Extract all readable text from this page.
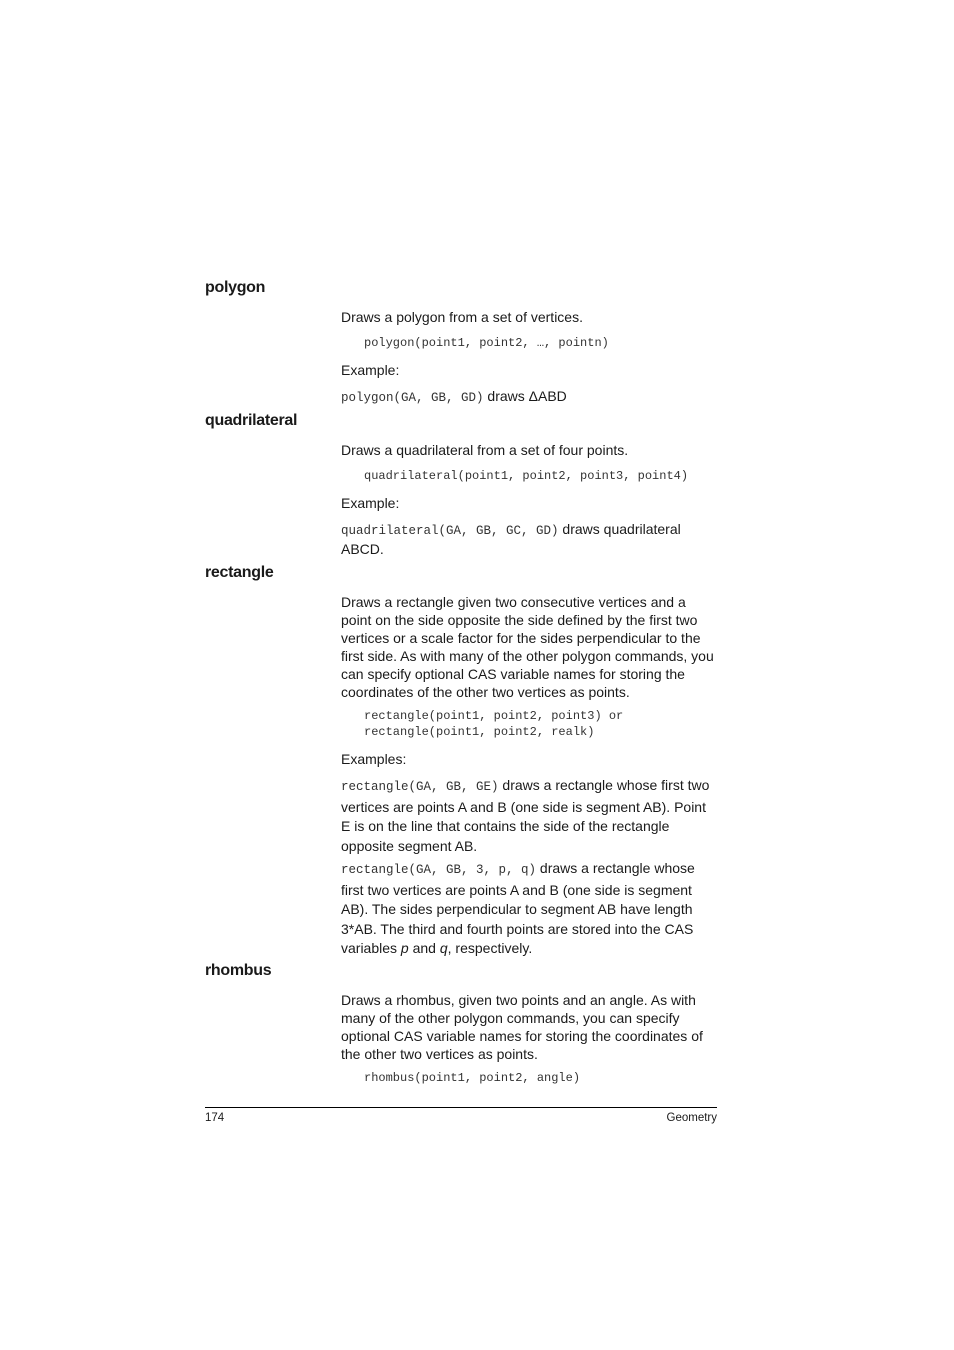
polygon

Draws a polygon from a set of vertices.

polygon(point1, point2, …, pointn)

Example:

polygon(GA, GB, GD) draws ΔABD

quadrilateral

Draws a quadrilateral from a set of four points.

quadrilateral(point1, point2, point3, point4)

Example:

quadrilateral(GA, GB, GC, GD) draws quadrilateral ABCD.

rectangle

Draws a rectangle given two consecutive vertices and a point on the side opposite the side defined by the first two vertices or a scale factor for the sides perpendicular to the first side. As with many of the other polygon commands, you can specify optional CAS variable names for storing the coordinates of the other two vertices as points.

rectangle(point1, point2, point3) or

rectangle(point1, point2, realk)

Examples:

rectangle(GA, GB, GE) draws a rectangle whose first two vertices are points A and B (one side is segment AB). Point E is on the line that contains the side of the rectangle opposite segment AB.

rectangle(GA, GB, 3, p, q) draws a rectangle whose first two vertices are points A and B (one side is segment AB). The sides perpendicular to segment AB have length 3*AB. The third and fourth points are stored into the CAS variables p and q, respectively.

rhombus

Draws a rhombus, given two points and an angle. As with many of the other polygon commands, you can specify optional CAS variable names for storing the coordinates of the other two vertices as points.

rhombus(point1, point2, angle)

174	Geometry
